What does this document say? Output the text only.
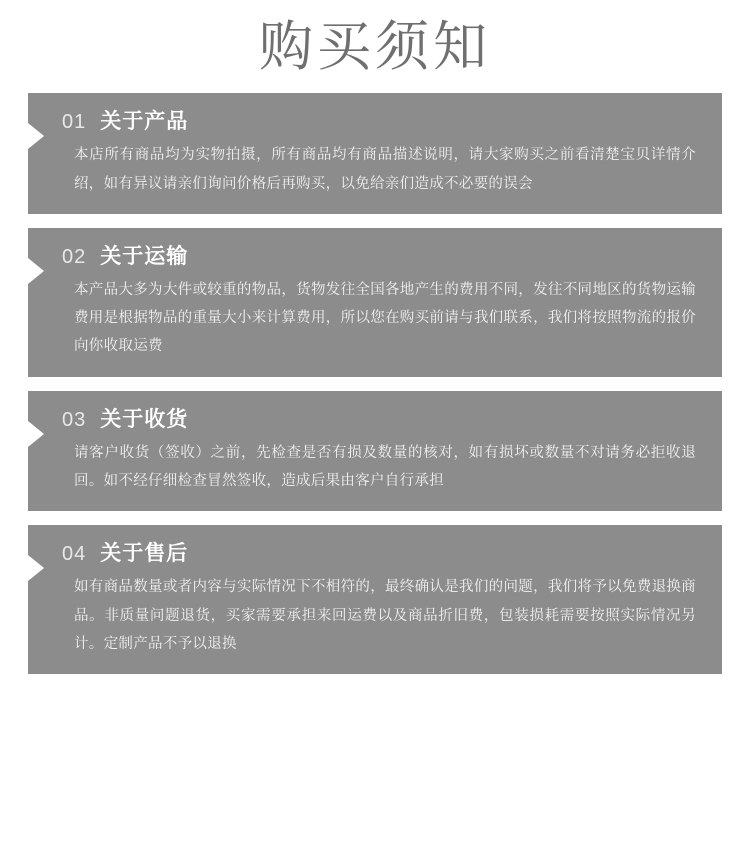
购买须知
01 关于产品

本店所有商品均为实物拍摄，所有商品均有商品描述说明，请大家购买之前看清楚宝贝详情介绍，如有异议请亲们询问价格后再购买，以免给亲们造成不必要的误会

02 关于运输

本产品大多为大件或较重的物品，货物发往全国各地产生的费用不同，发往不同地区的货物运输费用是根据物品的重量大小来计算费用，所以您在购买前请与我们联系，我们将按照物流的报价向你收取运费

03 关于收货

请客户收货（签收）之前，先检查是否有损及数量的核对，如有损坏或数量不对请务必拒收退回。如不经仔细检查冒然签收，造成后果由客户自行承担

04 关于售后

如有商品数量或者内容与实际情况下不相符的，最终确认是我们的问题，我们将予以免费退换商品。非质量问题退货，买家需要承担来回运费以及商品折旧费，包装损耗需要按照实际情况另计。定制产品不予以退换
